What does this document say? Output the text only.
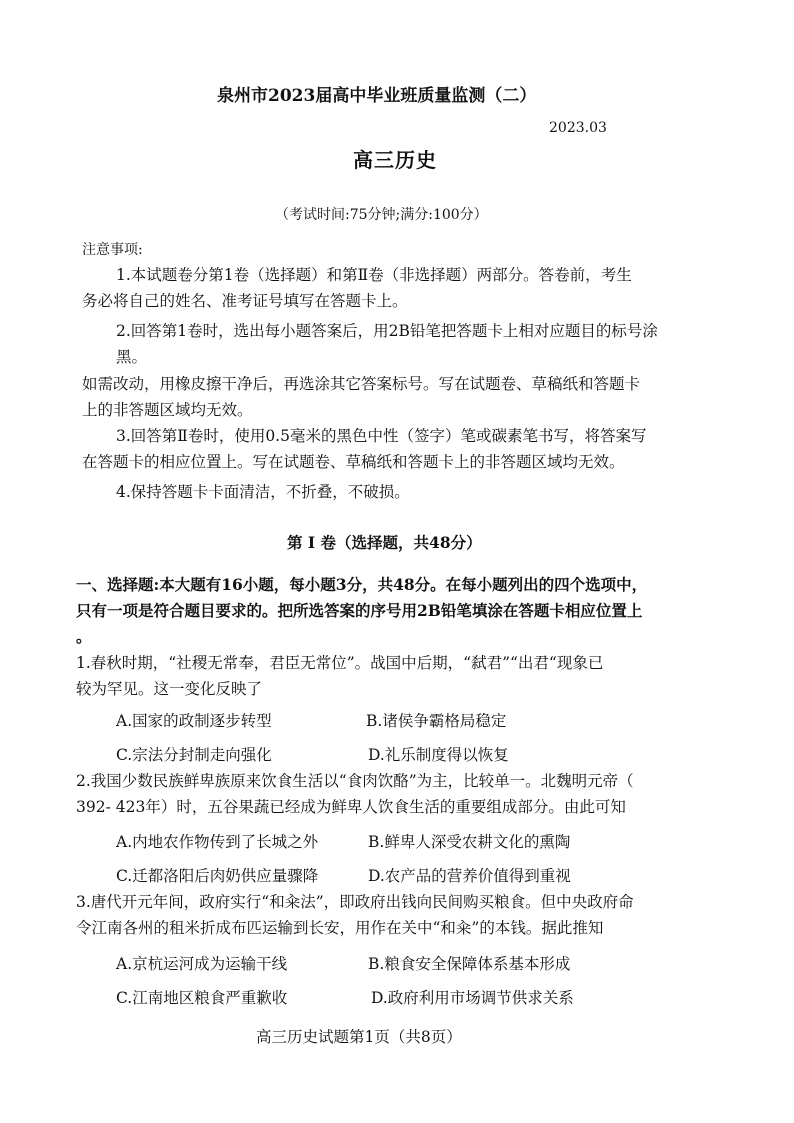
泉州市2023届高中毕业班质量监测（二）
2023.03
高三历史
（考试时间:75分钟;满分:100分）
注意事项:
1.本试题卷分第1卷（选择题）和第Ⅱ卷（非选择题）两部分。答卷前，考生
务必将自己的姓名、准考证号填写在答题卡上。
2.回答第1卷时，选出每小题答案后，用2B铅笔把答题卡上相对应题目的标号涂
黑。
如需改动，用橡皮擦干净后，再选涂其它答案标号。写在试题卷、草稿纸和答题卡
上的非答题区域均无效。
3.回答第Ⅱ卷时，使用0.5毫米的黑色中性（签字）笔或碳素笔书写，将答案写
在答题卡的相应位置上。写在试题卷、草稿纸和答题卡上的非答题区域均无效。
4.保持答题卡卡面清洁，不折叠，不破损。
第 I 卷（选择题，共48分）
一、选择题:本大题有16小题，每小题3分，共48分。在每小题列出的四个选项中，
只有一项是符合题目要求的。把所选答案的序号用2B铅笔填涂在答题卡相应位置上
。
1.春秋时期，“社稷无常奉，君臣无常位”。战国中后期，“弑君”“出君“现象已
较为罕见。这一变化反映了
A.国家的政制逐步转型	B.诸侯争霸格局稳定
C.宗法分封制走向强化	D.礼乐制度得以恢复
2.我国少数民族鲜卑族原来饮食生活以“食肉饮酪”为主，比较单一。北魏明元帝（
392- 423年）时，五谷果蔬已经成为鲜卑人饮食生活的重要组成部分。由此可知
A.内地农作物传到了长城之外	B.鲜卑人深受农耕文化的熏陶
C.迁都洛阳后肉奶供应量骤降	D.农产品的营养价值得到重视
3.唐代开元年间，政府实行“和籴法”，即政府出钱向民间购买粮食。但中央政府命
令江南各州的租米折成布匹运输到长安，用作在关中“和籴”的本钱。据此推知
A.京杭运河成为运输干线	B.粮食安全保障体系基本形成
C.江南地区粮食严重歉收	D.政府利用市场调节供求关系
高三历史试题第1页（共8页）
